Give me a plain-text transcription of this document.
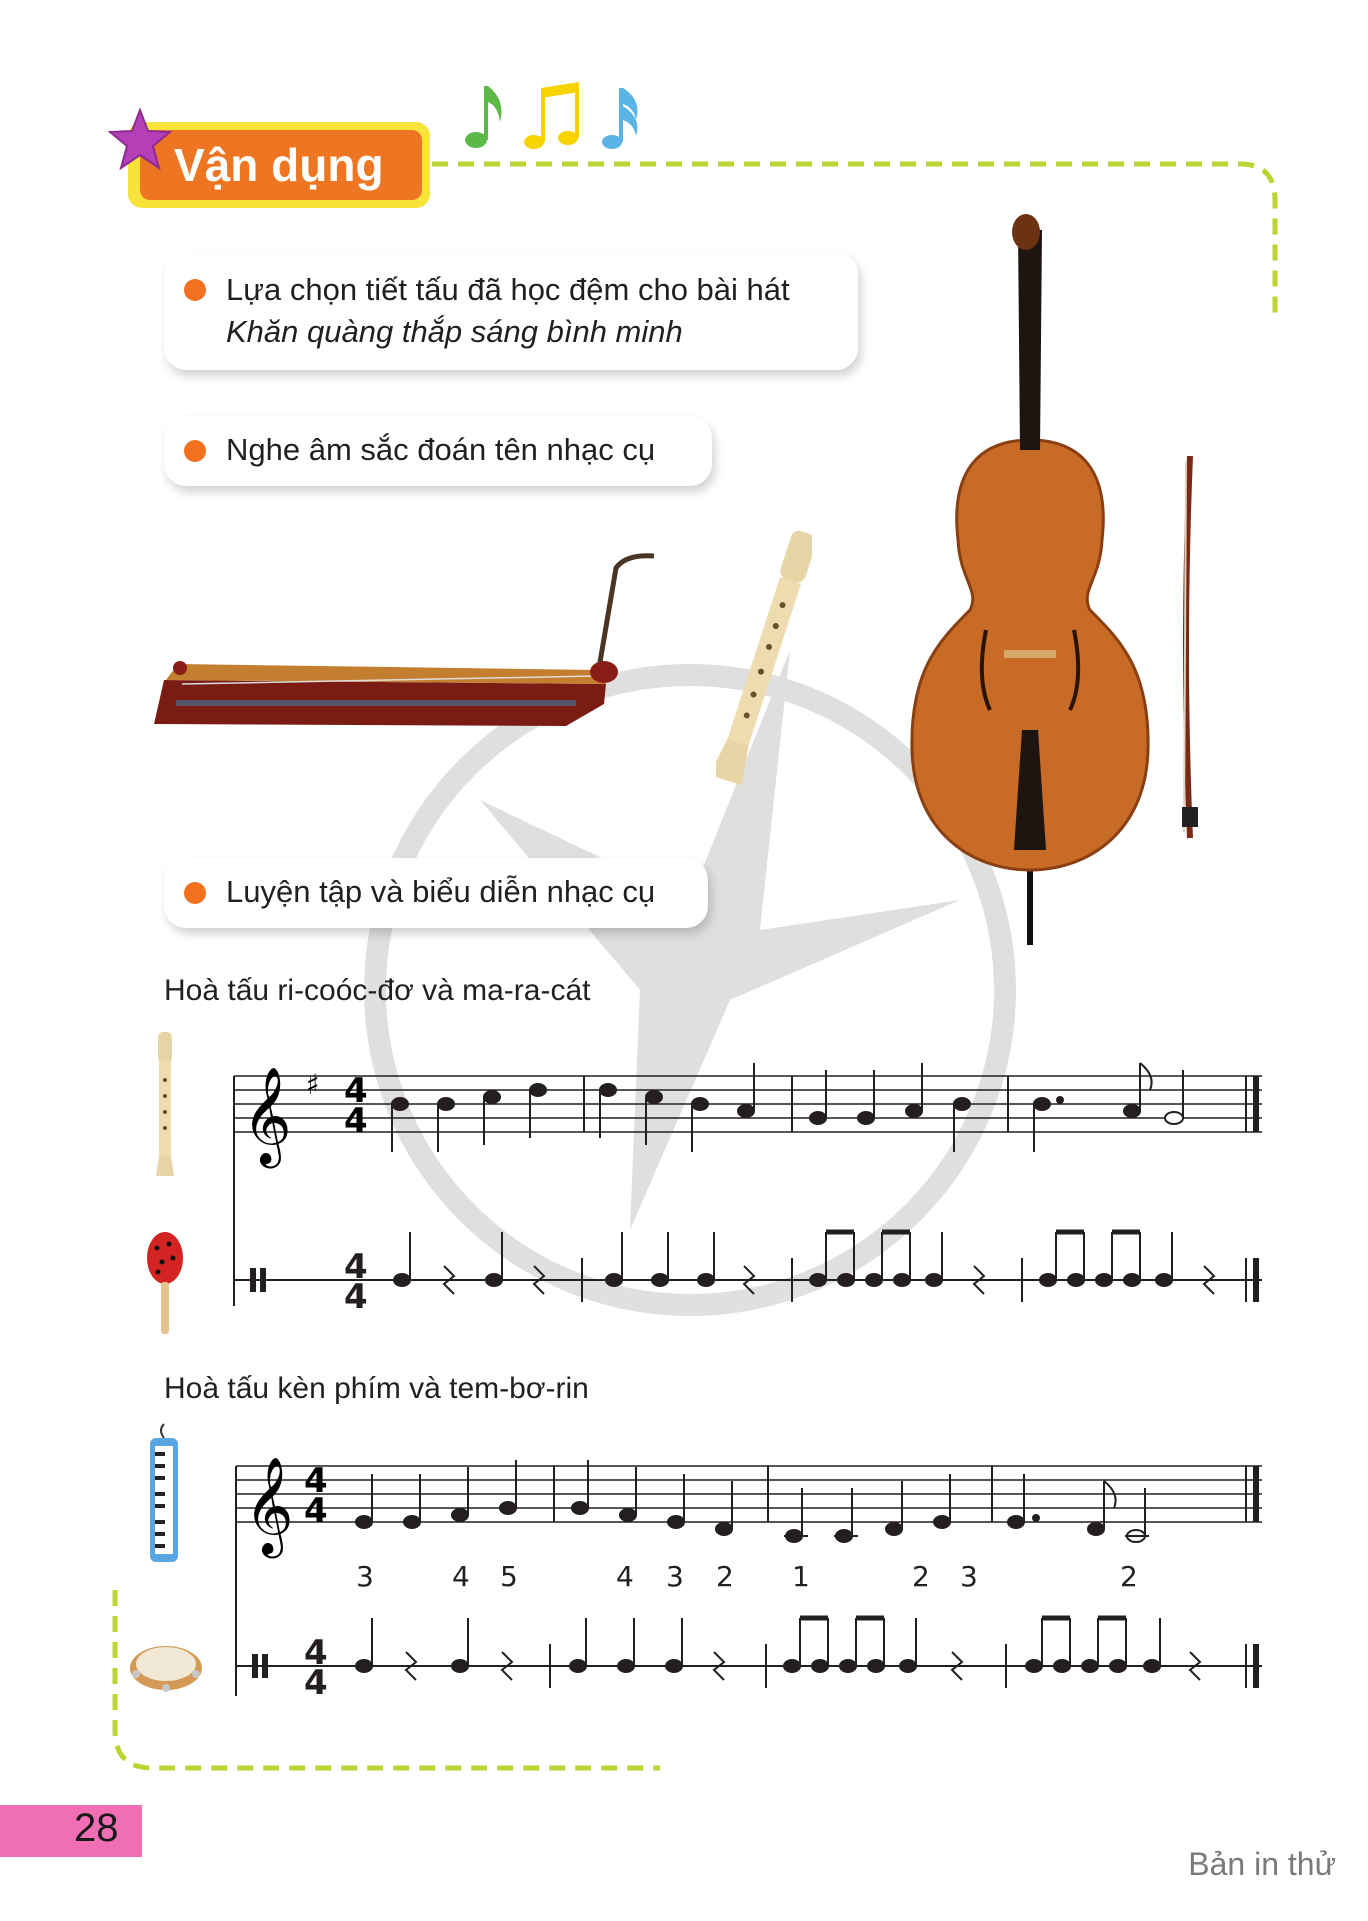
Vận dụng
Lựa chọn tiết tấu đã học đệm cho bài hát
Khăn quàng thắp sáng bình minh
Nghe âm sắc đoán tên nhạc cụ
Luyện tập và biểu diễn nhạc cụ
Hoà tấu ri-coóc-đơ và ma-ra-cát
𝄞 ♯ 4
4
4
4
Hoà tấu kèn phím và tem-bơ-rin
𝄞 4
4
3	4 5	4 3 2 1	2 3	2
4
4
28
Bản in thử
